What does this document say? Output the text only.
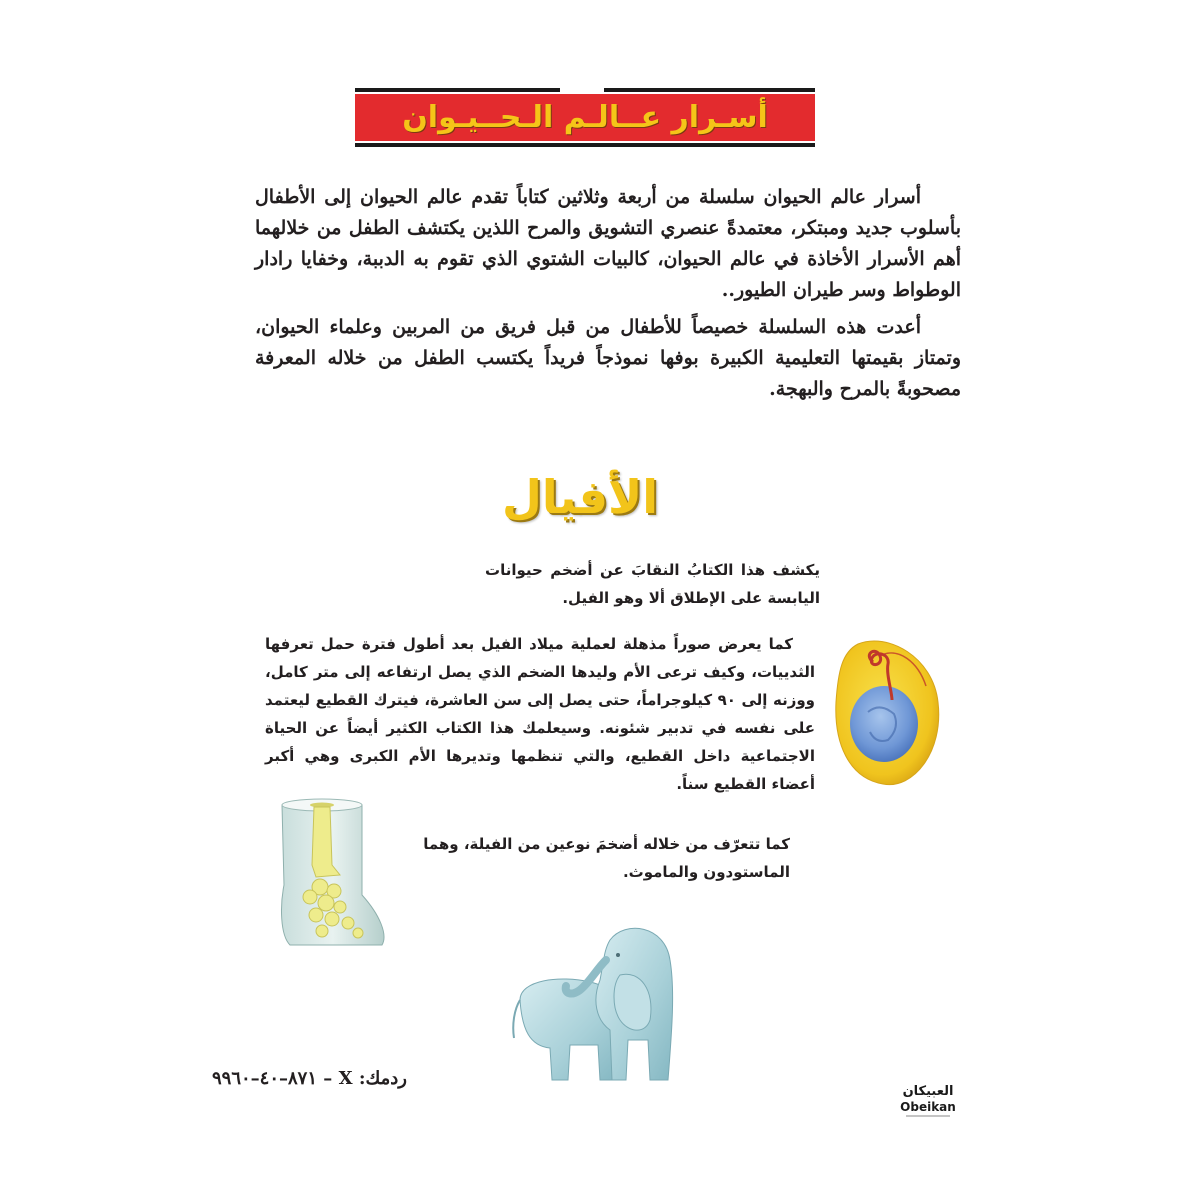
أسـرار عــالـم الـحــيـوان

أسرار عالم الحيوان سلسلة من أربعة وثلاثين كتاباً تقدم عالم الحيوان إلى الأطفال بأسلوب جديد ومبتكر، معتمدةً عنصري التشويق والمرح اللذين يكتشف الطفل من خلالهما أهم الأسرار الأخاذة في عالم الحيوان، كالبيات الشتوي الذي تقوم به الدببة، وخفايا رادار الوطواط وسر طيران الطيور..

أعدت هذه السلسلة خصيصاً للأطفال من قبل فريق من المربين وعلماء الحيوان، وتمتاز بقيمتها التعليمية الكبيرة بوفها نموذجاً فريداً يكتسب الطفل من خلاله المعرفة مصحوبةً بالمرح والبهجة.

الأفيال

يكشف هذا الكتابُ النقابَ عن أضخم حيوانات اليابسة على الإطلاق ألا وهو الفيل.

كما يعرض صوراً مذهلة لعملية ميلاد الفيل بعد أطول فترة حمل تعرفها الثدييات، وكيف ترعى الأم وليدها الضخم الذي يصل ارتفاعه إلى متر كامل، ووزنه إلى ٩٠ كيلوجراماً، حتى يصل إلى سن العاشرة، فيترك القطيع ليعتمد على نفسه في تدبير شئونه. وسيعلمك هذا الكتاب الكثير أيضاً عن الحياة الاجتماعية داخل القطيع، والتي تنظمها وتديرها الأم الكبرى وهي أكبر أعضاء القطيع سناً.

كما تتعرّف من خلاله أضخمَ نوعين من الفيلة، وهما الماستودون والماموث.

ردمك: X – ٨٧١–٤٠–٩٩٦٠
العبيكان
Obeikan
